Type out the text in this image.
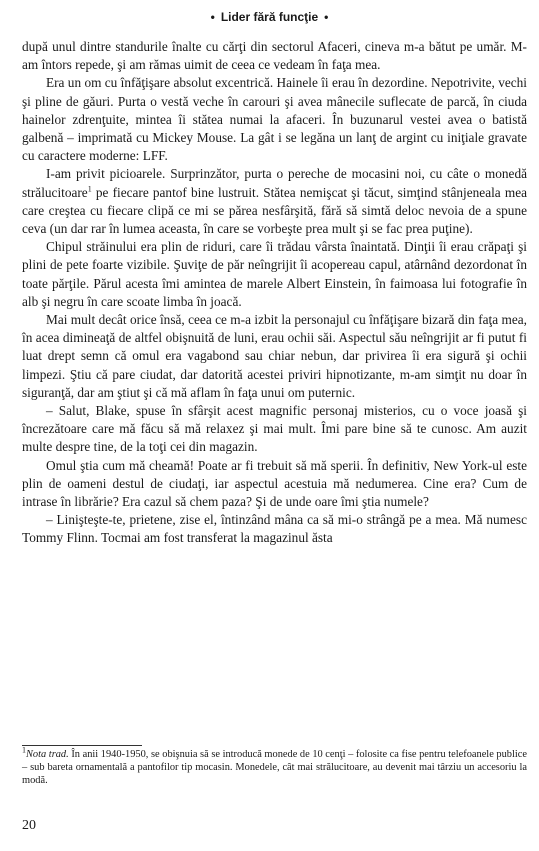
• Lider fără funcţie •

după unul dintre standurile înalte cu cărţi din sectorul Afaceri, cineva m-a bătut pe umăr. M-am întors repede, şi am rămas uimit de ceea ce vedeam în faţa mea.

Era un om cu înfăţişare absolut excentrică. Hainele îi erau în dezordine. Nepotrivite, vechi şi pline de găuri. Purta o vestă veche în carouri şi avea mânecile suflecate de parcă, în ciuda hainelor zdrenţuite, mintea îi stătea numai la afaceri. În buzunarul vestei avea o batistă galbenă – imprimată cu Mickey Mouse. La gât i se legăna un lanţ de argint cu iniţiale gravate cu caractere moderne: LFF.

I-am privit picioarele. Surprinzător, purta o pereche de mocasini noi, cu câte o monedă strălucitoare$^1$ pe fiecare pantof bine lustruit. Stătea nemişcat şi tăcut, simţind stânjeneala mea care creştea cu fiecare clipă ce mi se părea nesfârşită, fără să simtă deloc nevoia de a spune ceva (un dar rar în lumea aceasta, în care se vorbeşte prea mult şi se fac prea puţine).

Chipul străinului era plin de riduri, care îi trădau vârsta înaintată. Dinţii îi erau crăpaţi şi plini de pete foarte vizibile. Şuviţe de păr neîngrijit îi acopereau capul, atârnând dezordonat în toate părţile. Părul acesta îmi amintea de marele Albert Einstein, în faimoasa lui fotografie în alb şi negru în care scoate limba în joacă.

Mai mult decât orice însă, ceea ce m-a izbit la personajul cu înfăţişare bizară din faţa mea, în acea dimineaţă de altfel obişnuită de luni, erau ochii săi. Aspectul său neîngrijit ar fi putut fi luat drept semn că omul era vagabond sau chiar nebun, dar privirea îi era sigură şi ochii limpezi. Ştiu că pare ciudat, dar datorită acestei priviri hipnotizante, m-am simţit nu doar în siguranţă, dar am ştiut şi că mă aflam în faţa unui om puternic.

– Salut, Blake, spuse în sfârşit acest magnific personaj misterios, cu o voce joasă şi încrezătoare care mă făcu să mă relaxez şi mai mult. Îmi pare bine să te cunosc. Am auzit multe despre tine, de la toţi cei din magazin.

Omul ştia cum mă cheamă! Poate ar fi trebuit să mă sperii. În definitiv, New York-ul este plin de oameni destul de ciudaţi, iar aspectul acestuia mă nedumerea. Cine era? Cum de intrase în librărie? Era cazul să chem paza? Şi de unde oare îmi ştia numele?

– Linişteşte-te, prietene, zise el, întinzând mâna ca să mi-o strângă pe a mea. Mă numesc Tommy Flinn. Tocmai am fost transferat la magazinul ăsta

$^1$Nota trad. În anii 1940-1950, se obişnuia să se introducă monede de 10 cenţi – folosite ca fise pentru telefoanele publice – sub bareta ornamentală a pantofilor tip mocasin. Monedele, cât mai strălucitoare, au devenit mai târziu un accesoriu la modă.
20
